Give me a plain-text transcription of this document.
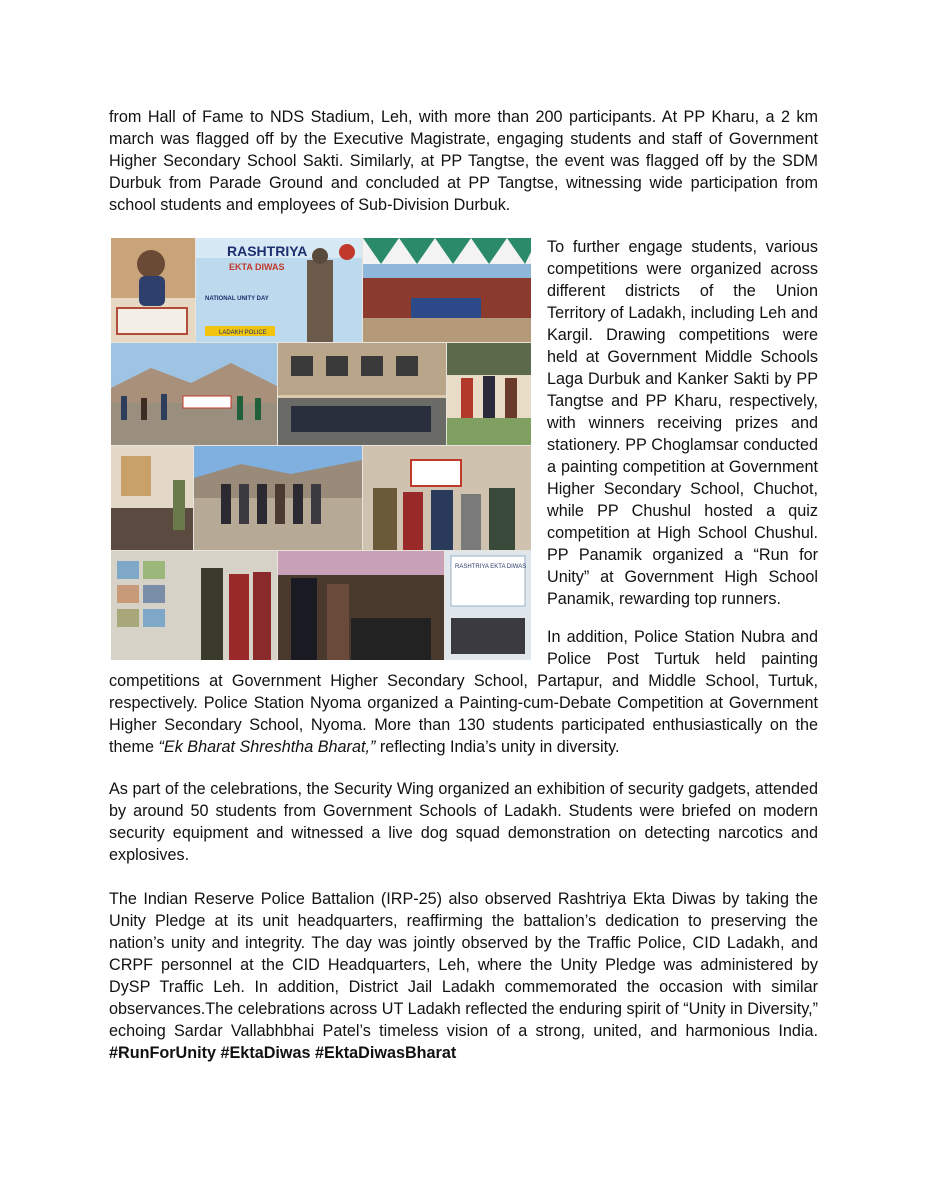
from Hall of Fame to NDS Stadium, Leh, with more than 200 participants. At PP Kharu, a 2 km march was flagged off by the Executive Magistrate, engaging students and staff of Government Higher Secondary School Sakti. Similarly, at PP Tangtse, the event was flagged off by the SDM Durbuk from Parade Ground and concluded at PP Tangtse, witnessing wide participation from school students and employees of Sub-Division Durbuk.

RASHTRIYA
EKTA DIWAS
NATIONAL UNITY DAY
LADAKH POLICE
RASHTRIYA EKTA DIWAS

To further engage students, various competitions were organized across different districts of the Union Territory of Ladakh, including Leh and Kargil. Drawing competitions were held at Government Middle Schools Laga Durbuk and Kanker Sakti by PP Tangtse and PP Kharu, respectively, with winners receiving prizes and stationery. PP Choglamsar conducted a painting competition at Government Higher Secondary School, Chuchot, while PP Chushul hosted a quiz competition at High School Chushul. PP Panamik organized a “Run for Unity” at Government High School Panamik, rewarding top runners.

In addition, Police Station Nubra and Police Post Turtuk held painting competitions at Government Higher Secondary School, Partapur, and Middle School, Turtuk, respectively. Police Station Nyoma organized a Painting-cum-Debate Competition at Government Higher Secondary School, Nyoma. More than 130 students participated enthusiastically on the theme “Ek Bharat Shreshtha Bharat,” reflecting India’s unity in diversity.

As part of the celebrations, the Security Wing organized an exhibition of security gadgets, attended by around 50 students from Government Schools of Ladakh. Students were briefed on modern security equipment and witnessed a live dog squad demonstration on detecting narcotics and explosives.

The Indian Reserve Police Battalion (IRP-25) also observed Rashtriya Ekta Diwas by taking the Unity Pledge at its unit headquarters, reaffirming the battalion’s dedication to preserving the nation’s unity and integrity. The day was jointly observed by the Traffic Police, CID Ladakh, and CRPF personnel at the CID Headquarters, Leh, where the Unity Pledge was administered by DySP Traffic Leh. In addition, District Jail Ladakh commemorated the occasion with similar observances.The celebrations across UT Ladakh reflected the enduring spirit of “Unity in Diversity,” echoing Sardar Vallabhbhai Patel’s timeless vision of a strong, united, and harmonious India. #RunForUnity #EktaDiwas #EktaDiwasBharat
